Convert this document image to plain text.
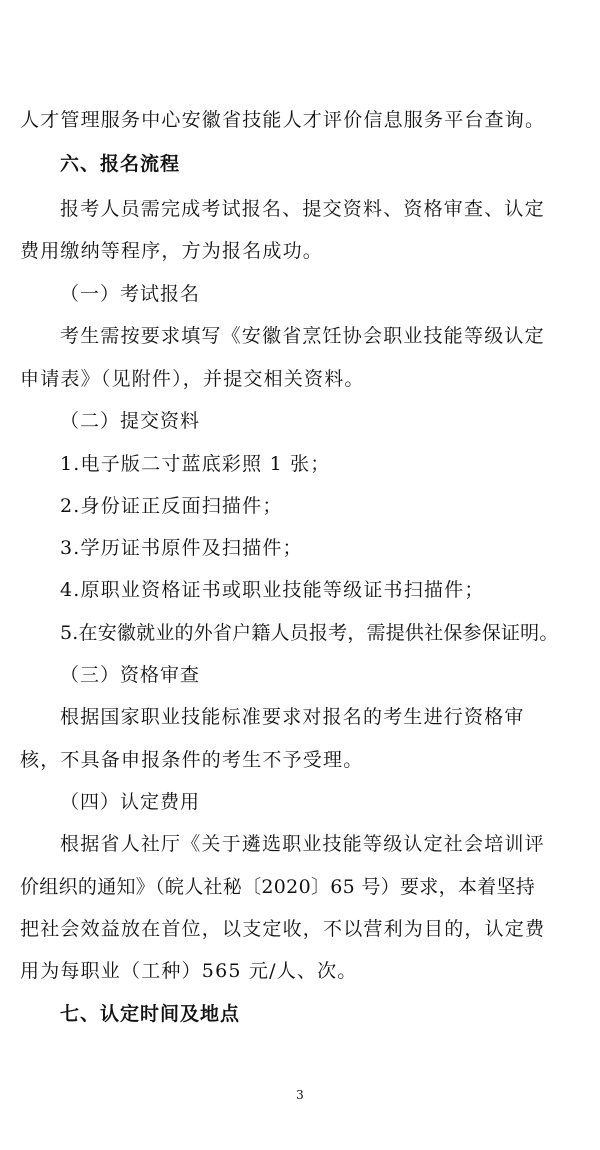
人才管理服务中心安徽省技能人才评价信息服务平台查询。
六、报名流程
报考人员需完成考试报名、提交资料、资格审查、认定
费用缴纳等程序，方为报名成功。
（一）考试报名
考生需按要求填写《安徽省烹饪协会职业技能等级认定
申请表》（见附件），并提交相关资料。
（二）提交资料
1.电子版二寸蓝底彩照 1 张；
2.身份证正反面扫描件；
3.学历证书原件及扫描件；
4.原职业资格证书或职业技能等级证书扫描件；
5.在安徽就业的外省户籍人员报考，需提供社保参保证明。
（三）资格审查
根据国家职业技能标准要求对报名的考生进行资格审
核，不具备申报条件的考生不予受理。
（四）认定费用
根据省人社厅《关于遴选职业技能等级认定社会培训评
价组织的通知》（皖人社秘〔2020〕65 号）要求，本着坚持
把社会效益放在首位，以支定收，不以营利为目的，认定费
用为每职业（工种）565 元/人、次。
七、认定时间及地点
3
